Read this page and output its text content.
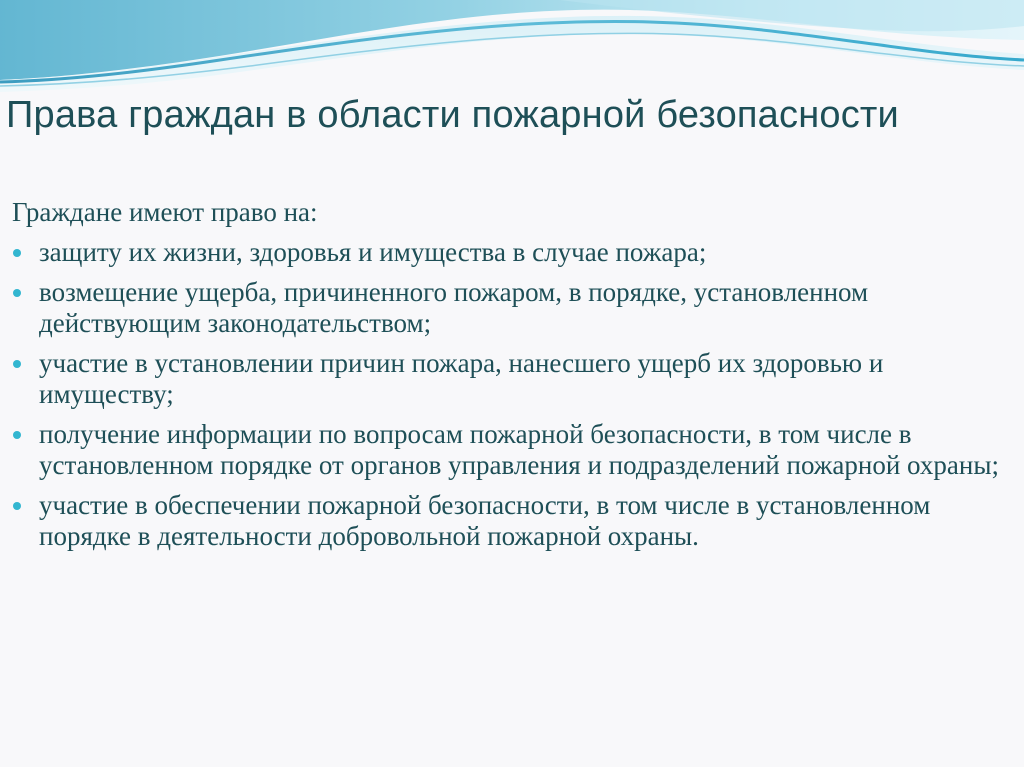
Права граждан в области пожарной безопасности

Граждане имеют право на:

защиту их жизни, здоровья и имущества в случае пожара;
возмещение ущерба, причиненного пожаром, в порядке, установленном действующим законодательством;
участие в установлении причин пожара, нанесшего ущерб их здоровью и имуществу;
получение информации по вопросам пожарной безопасности, в том числе в установленном порядке от органов управления и подразделений пожарной охраны;
участие в обеспечении пожарной безопасности, в том числе в установленном порядке в деятельности добровольной пожарной охраны.
